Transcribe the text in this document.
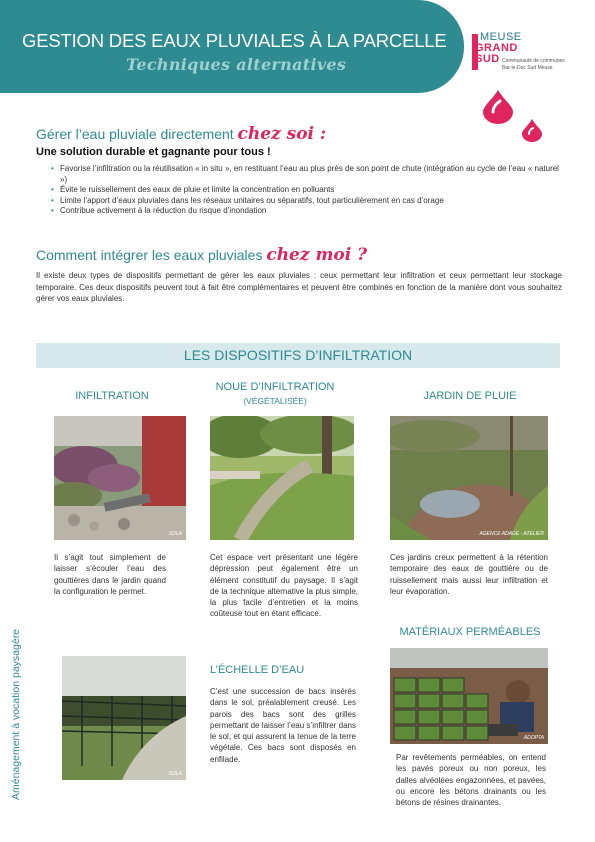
GESTION DES EAUX PLUVIALES À LA PARCELLE
Techniques alternatives
MEUSE
GRAND
SUD Communauté de communes
Bar-le-Duc Sud Meuse
Gérer l’eau pluviale directement chez soi :
Une solution durable et gagnante pour tous !
• Favorise l’infiltration ou la réutilisation « in situ », en restituant l’eau au plus près de son point de chute (intégration au cycle de l’eau « naturel »)
• Évite le ruissellement des eaux de pluie et limite la concentration en polluants
• Limite l’apport d’eaux pluviales dans les réseaux unitaires ou séparatifs, tout particulièrement en cas d’orage
• Contribue activement à la réduction du risque d’inondation
Comment intégrer les eaux pluviales chez moi ?
Il existe deux types de dispositifs permettant de gérer les eaux pluviales : ceux permettant leur infiltration et ceux permettant leur stockage temporaire. Ces deux dispositifs peuvent tout à fait être complémentaires et peuvent être combinés en fonction de la manière dont vous souhaitez gérer vos eaux pluviales.
LES DISPOSITIFS D’INFILTRATION
INFILTRATION
SOLA
Il s’agit tout simplement de laisser s’écouler l’eau des gouttières dans le jardin quand la configuration le permet.
NOUE D’INFILTRATION
(VÉGÉTALISÉE)
Cet espace vert présentant une légère dépression peut également être un élément constitutif du paysage. Il s’agit de la technique alternative la plus simple, la plus facile d’entretien et la moins coûteuse tout en étant efficace.
JARDIN DE PLUIE
AGENCE ADAGE - ATELIER
Ces jardins creux permettent à la rétention temporaire des eaux de gouttière ou de ruissellement mais aussi leur infiltration et leur évaporation.
Aménagement à vocation paysagère	SOLA
L’ÉCHELLE D’EAU
C’est une succession de bacs insérés dans le sol, préalablement creusé. Les parois des bacs sont des grilles permettant de laisser l’eau s’infiltrer dans le sol, et qui assurent la tenue de la terre végétale. Ces bacs sont disposés en enfilade.
MATÉRIAUX PERMÉABLES
ADOPTA
Par revêtements perméables, on entend les pavés poreux ou non poreux, les dalles alvéolées engazonnées, et pavées, ou encore les bétons drainants ou les bétons de résines drainantes.
